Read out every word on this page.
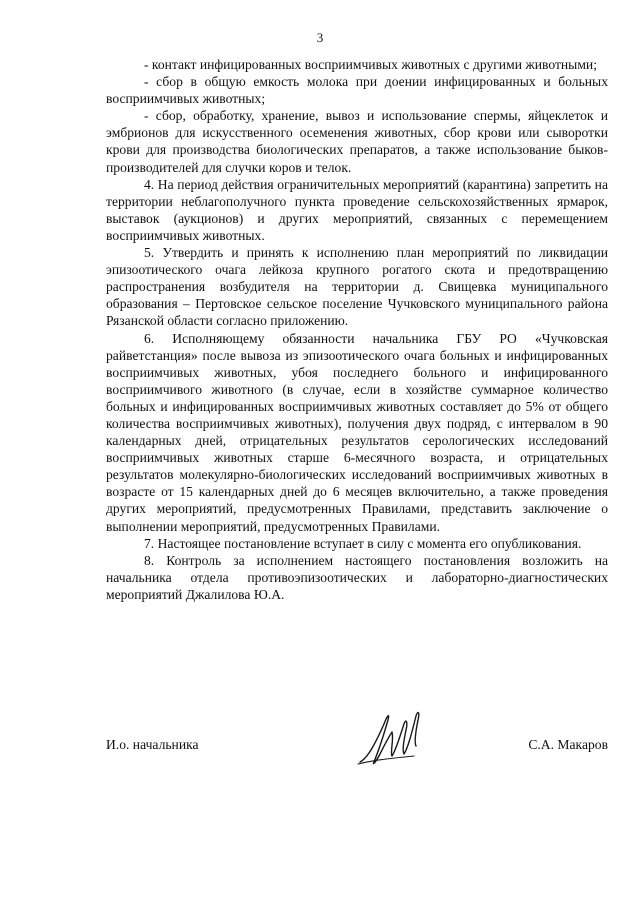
3

- контакт инфицированных восприимчивых животных с другими животными;

- сбор в общую емкость молока при доении инфицированных и больных восприимчивых животных;

- сбор, обработку, хранение, вывоз и использование спермы, яйцеклеток и эмбрионов для искусственного осеменения животных, сбор крови или сыворотки крови для производства биологических препаратов, а также использование быков-производителей для случки коров и телок.

4. На период действия ограничительных мероприятий (карантина) запретить на территории неблагополучного пункта проведение сельскохозяйственных ярмарок, выставок (аукционов) и других мероприятий, связанных с перемещением восприимчивых животных.

5. Утвердить и принять к исполнению план мероприятий по ликвидации эпизоотического очага лейкоза крупного рогатого скота и предотвращению распространения возбудителя на территории д. Свищевка муниципального образования – Пертовское сельское поселение Чучковского муниципального района Рязанской области согласно приложению.

6. Исполняющему обязанности начальника ГБУ РО «Чучковская райветстанция» после вывоза из эпизоотического очага больных и инфицированных восприимчивых животных, убоя последнего больного и инфицированного восприимчивого животного (в случае, если в хозяйстве суммарное количество больных и инфицированных восприимчивых животных составляет до 5% от общего количества восприимчивых животных), получения двух подряд, с интервалом в 90 календарных дней, отрицательных результатов серологических исследований восприимчивых животных старше 6-месячного возраста, и отрицательных результатов молекулярно-биологических исследований восприимчивых животных в возрасте от 15 календарных дней до 6 месяцев включительно, а также проведения других мероприятий, предусмотренных Правилами, представить заключение о выполнении мероприятий, предусмотренных Правилами.

7. Настоящее постановление вступает в силу с момента его опубликования.

8. Контроль за исполнением настоящего постановления возложить на начальника отдела противоэпизоотических и лабораторно-диагностических мероприятий Джалилова Ю.А.

И.о. начальника	С.А. Макаров
